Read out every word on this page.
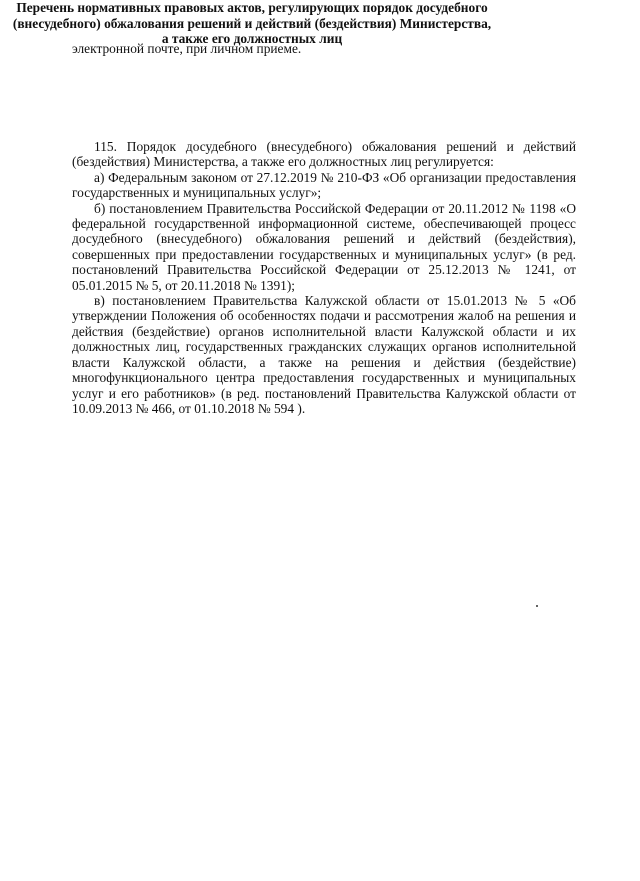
электронной почте, при личном приеме.
Перечень нормативных правовых актов, регулирующих порядок досудебного
(внесудебного) обжалования решений и действий (бездействия) Министерства,
а также его должностных лиц

115. Порядок досудебного (внесудебного) обжалования решений и действий (бездействия) Министерства, а также его должностных лиц регулируется:

а) Федеральным законом от 27.12.2019 № 210-ФЗ «Об организации предоставления государственных и муниципальных услуг»;

б) постановлением Правительства Российской Федерации от 20.11.2012 № 1198 «О федеральной государственной информационной системе, обеспечивающей процесс досудебного (внесудебного) обжалования решений и действий (бездействия), совершенных при предоставлении государственных и муниципальных услуг» (в ред. постановлений Правительства Российской Федерации от 25.12.2013 № 1241, от 05.01.2015 № 5, от 20.11.2018 № 1391);

в) постановлением Правительства Калужской области от 15.01.2013 № 5 «Об утверждении Положения об особенностях подачи и рассмотрения жалоб на решения и действия (бездействие) органов исполнительной власти Калужской области и их должностных лиц, государственных гражданских служащих органов исполнительной власти Калужской области, а также на решения и действия (бездействие) многофункционального центра предоставления государственных и муниципальных услуг и его работников» (в ред. постановлений Правительства Калужской области от 10.09.2013 № 466, от 01.10.2018 № 594 ).
